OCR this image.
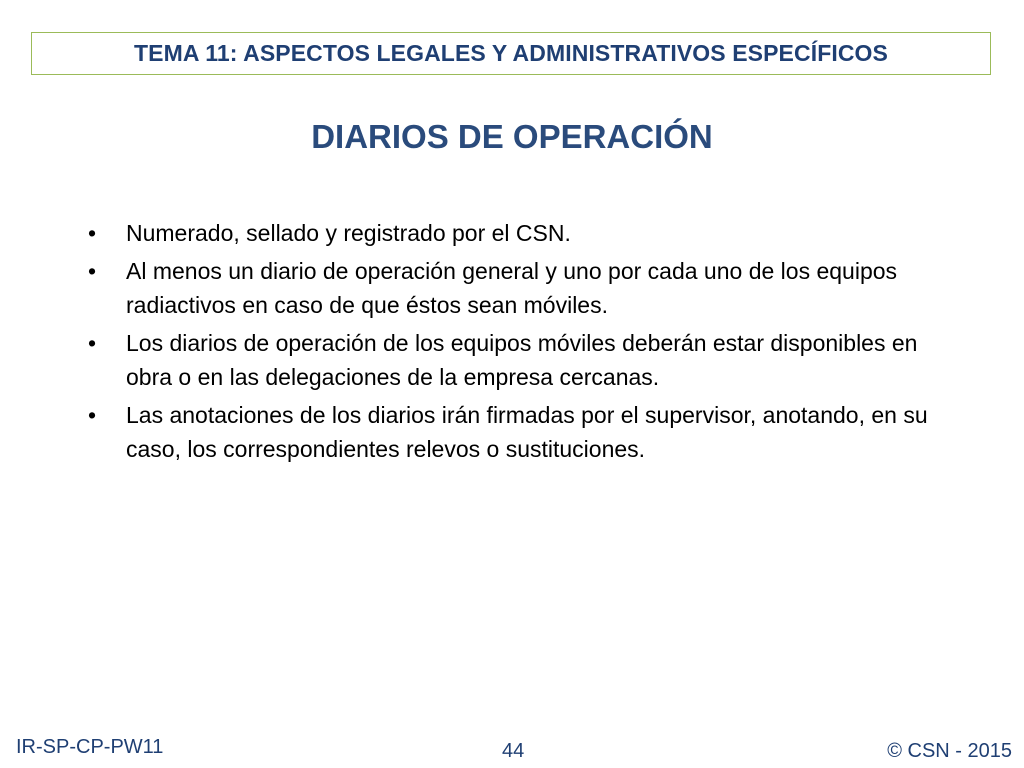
TEMA 11: ASPECTOS LEGALES Y ADMINISTRATIVOS ESPECÍFICOS
DIARIOS DE OPERACIÓN
• Numerado, sellado y registrado por el CSN.
• Al menos un diario de operación general y uno por cada uno de los equipos radiactivos en caso de que éstos sean móviles.
• Los diarios de operación de los equipos móviles deberán estar disponibles en obra o en las delegaciones de la empresa cercanas.
• Las anotaciones de los diarios irán firmadas por el supervisor, anotando, en su caso, los correspondientes relevos o sustituciones.
IR-SP-CP-PW11	44	© CSN - 2015
